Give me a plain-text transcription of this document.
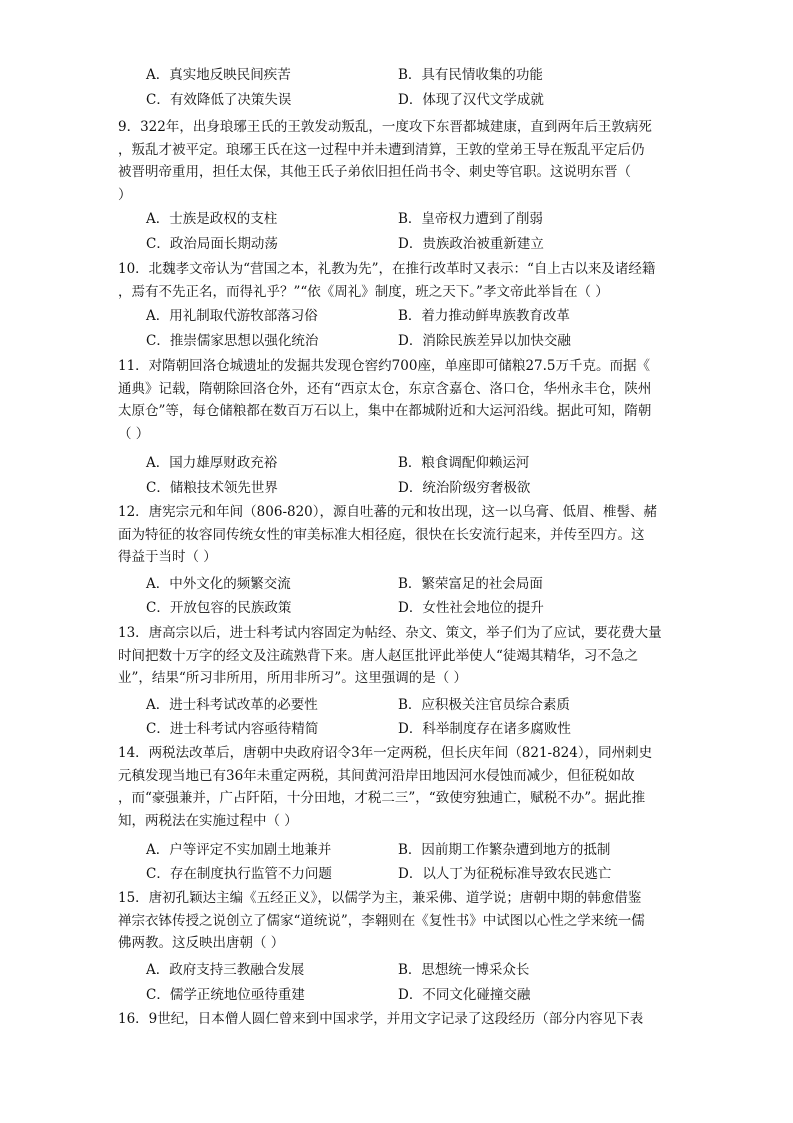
A．真实地反映民间疾苦	B．具有民情收集的功能
C．有效降低了决策失误	D．体现了汉代文学成就
9．322年，出身琅琊王氏的王敦发动叛乱，一度攻下东晋都城建康，直到两年后王敦病死
，叛乱才被平定。琅琊王氏在这一过程中并未遭到清算，王敦的堂弟王导在叛乱平定后仍
被晋明帝重用，担任太保，其他王氏子弟依旧担任尚书令、刺史等官职。这说明东晋（
）
A．士族是政权的支柱	B．皇帝权力遭到了削弱
C．政治局面长期动荡	D．贵族政治被重新建立
10．北魏孝文帝认为“营国之本，礼教为先”，在推行改革时又表示：“自上古以来及诸经籍
，焉有不先正名，而得礼乎？”“依《周礼》制度，班之天下。”孝文帝此举旨在（ ）
A．用礼制取代游牧部落习俗	B．着力推动鲜卑族教育改革
C．推崇儒家思想以强化统治	D．消除民族差异以加快交融
11．对隋朝回洛仓城遗址的发掘共发现仓窖约700座，单座即可储粮27.5万千克。而据《
通典》记载，隋朝除回洛仓外，还有“西京太仓，东京含嘉仓、洛口仓，华州永丰仓，陕州
太原仓”等，每仓储粮都在数百万石以上，集中在都城附近和大运河沿线。据此可知，隋朝
（ ）
A．国力雄厚财政充裕	B．粮食调配仰赖运河
C．储粮技术领先世界	D．统治阶级穷奢极欲
12．唐宪宗元和年间（806-820），源自吐蕃的元和妆出现，这一以乌膏、低眉、椎髻、赭
面为特征的妆容同传统女性的审美标准大相径庭，很快在长安流行起来，并传至四方。这
得益于当时（ ）
A．中外文化的频繁交流	B．繁荣富足的社会局面
C．开放包容的民族政策	D．女性社会地位的提升
13．唐高宗以后，进士科考试内容固定为帖经、杂文、策文，举子们为了应试，要花费大量
时间把数十万字的经文及注疏熟背下来。唐人赵匡批评此举使人“徒竭其精华，习不急之
业”，结果“所习非所用，所用非所习”。这里强调的是（ ）
A．进士科考试改革的必要性	B．应积极关注官员综合素质
C．进士科考试内容亟待精简	D．科举制度存在诸多腐败性
14．两税法改革后，唐朝中央政府诏令3年一定两税，但长庆年间（821-824），同州刺史
元稹发现当地已有36年未重定两税，其间黄河沿岸田地因河水侵蚀而减少，但征税如故
，而“豪强兼并，广占阡陌，十分田地，才税二三”，“致使穷独逋亡，赋税不办”。据此推
知，两税法在实施过程中（ ）
A．户等评定不实加剧土地兼并	B．因前期工作繁杂遭到地方的抵制
C．存在制度执行监管不力问题	D．以人丁为征税标准导致农民逃亡
15．唐初孔颖达主编《五经正义》，以儒学为主，兼采佛、道学说；唐朝中期的韩愈借鉴
禅宗衣钵传授之说创立了儒家“道统说”，李翱则在《复性书》中试图以心性之学来统一儒
佛两教。这反映出唐朝（ ）
A．政府支持三教融合发展	B．思想统一博采众长
C．儒学正统地位亟待重建	D．不同文化碰撞交融
16．9世纪，日本僧人圆仁曾来到中国求学，并用文字记录了这段经历（部分内容见下表
